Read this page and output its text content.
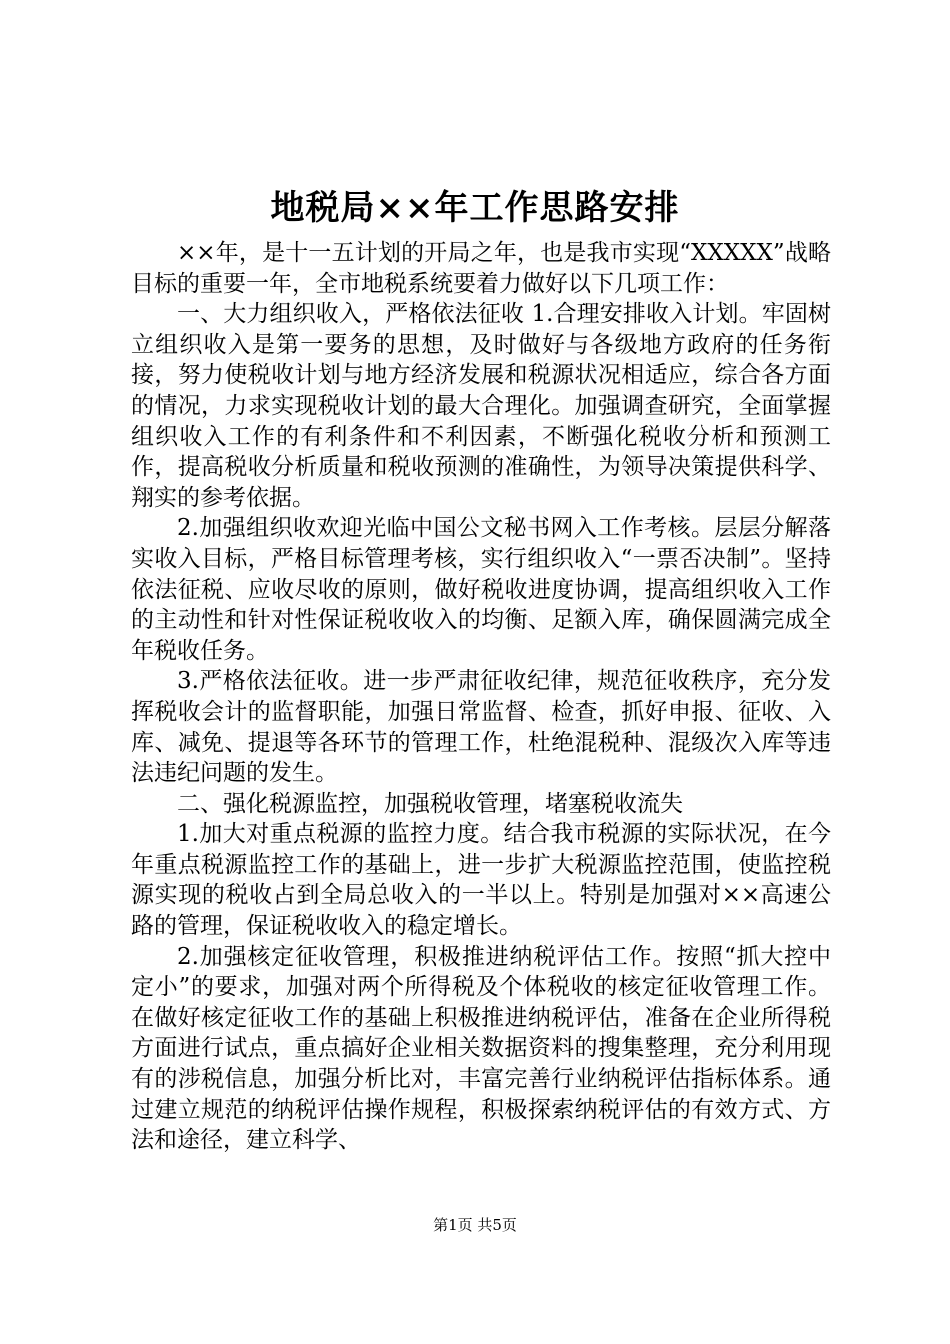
地税局××年工作思路安排

××年，是十一五计划的开局之年，也是我市实现“XXXXX”战略目标的重要一年，全市地税系统要着力做好以下几项工作：

一、大力组织收入，严格依法征收 1.合理安排收入计划。牢固树立组织收入是第一要务的思想，及时做好与各级地方政府的任务衔接，努力使税收计划与地方经济发展和税源状况相适应，综合各方面的情况，力求实现税收计划的最大合理化。加强调查研究，全面掌握组织收入工作的有利条件和不利因素，不断强化税收分析和预测工作，提高税收分析质量和税收预测的准确性，为领导决策提供科学、翔实的参考依据。

2.加强组织收欢迎光临中国公文秘书网入工作考核。层层分解落实收入目标，严格目标管理考核，实行组织收入“一票否决制”。坚持依法征税、应收尽收的原则，做好税收进度协调，提高组织收入工作的主动性和针对性保证税收收入的均衡、足额入库，确保圆满完成全年税收任务。

3.严格依法征收。进一步严肃征收纪律，规范征收秩序，充分发挥税收会计的监督职能，加强日常监督、检查，抓好申报、征收、入库、减免、提退等各环节的管理工作，杜绝混税种、混级次入库等违法违纪问题的发生。

二、强化税源监控，加强税收管理，堵塞税收流失

1.加大对重点税源的监控力度。结合我市税源的实际状况，在今年重点税源监控工作的基础上，进一步扩大税源监控范围，使监控税源实现的税收占到全局总收入的一半以上。特别是加强对××高速公路的管理，保证税收收入的稳定增长。

2.加强核定征收管理，积极推进纳税评估工作。按照“抓大控中定小”的要求，加强对两个所得税及个体税收的核定征收管理工作。在做好核定征收工作的基础上积极推进纳税评估，准备在企业所得税方面进行试点，重点搞好企业相关数据资料的搜集整理，充分利用现有的涉税信息，加强分析比对，丰富完善行业纳税评估指标体系。通过建立规范的纳税评估操作规程，积极探索纳税评估的有效方式、方法和途径，建立科学、

第1页 共5页
